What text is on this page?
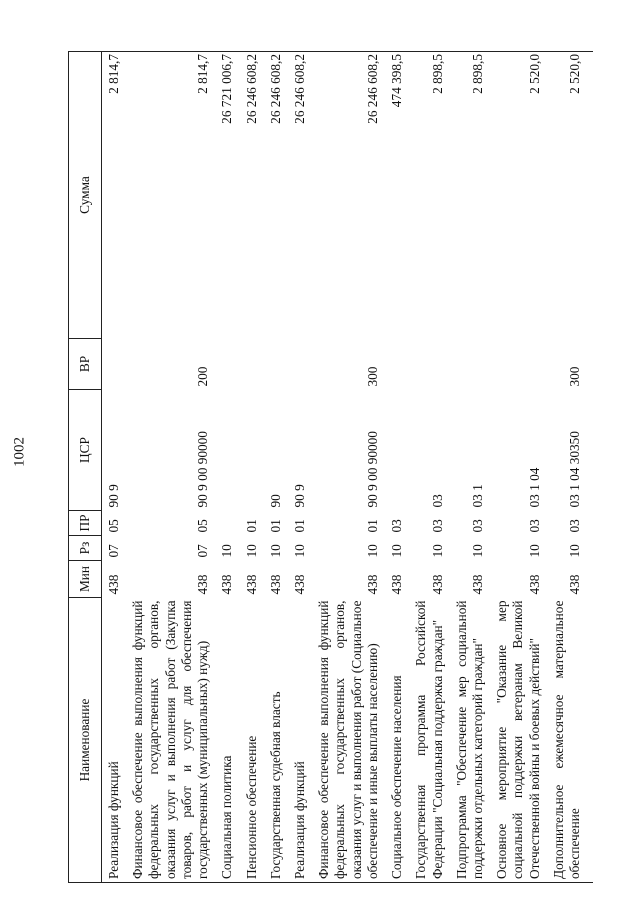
1002
Наименование	Мин	Рз	ПР	ЦСР	ВР	Сумма
Реализация функций	438	07	05	90 9		2 814,7
Финансовое обеспечение выполнения функций федеральных государственных органов, оказания услуг и выполнения работ (Закупка товаров, работ и услуг для обеспечения государственных (муниципальных) нужд)	438	07	05	90 9 00 90000	200	2 814,7
Социальная политика	438	10				26 721 006,7
Пенсионное обеспечение	438	10	01			26 246 608,2
Государственная судебная власть	438	10	01	90		26 246 608,2
Реализация функций	438	10	01	90 9		26 246 608,2
Финансовое обеспечение выполнения функций федеральных государственных органов, оказания услуг и выполнения работ (Социальное обеспечение и иные выплаты населению)	438	10	01	90 9 00 90000	300	26 246 608,2
Социальное обеспечение населения	438	10	03			474 398,5
Государственная программа Российской Федерации "Социальная поддержка граждан"	438	10	03	03		2 898,5
Подпрограмма "Обеспечение мер социальной поддержки отдельных категорий граждан"	438	10	03	03 1		2 898,5
Основное мероприятие "Оказание мер социальной поддержки ветеранам Великой Отечественной войны и боевых действий"	438	10	03	03 1 04		2 520,0
Дополнительное ежемесячное материальное обеспечение	438	10	03	03 1 04 30350	300	2 520,0
